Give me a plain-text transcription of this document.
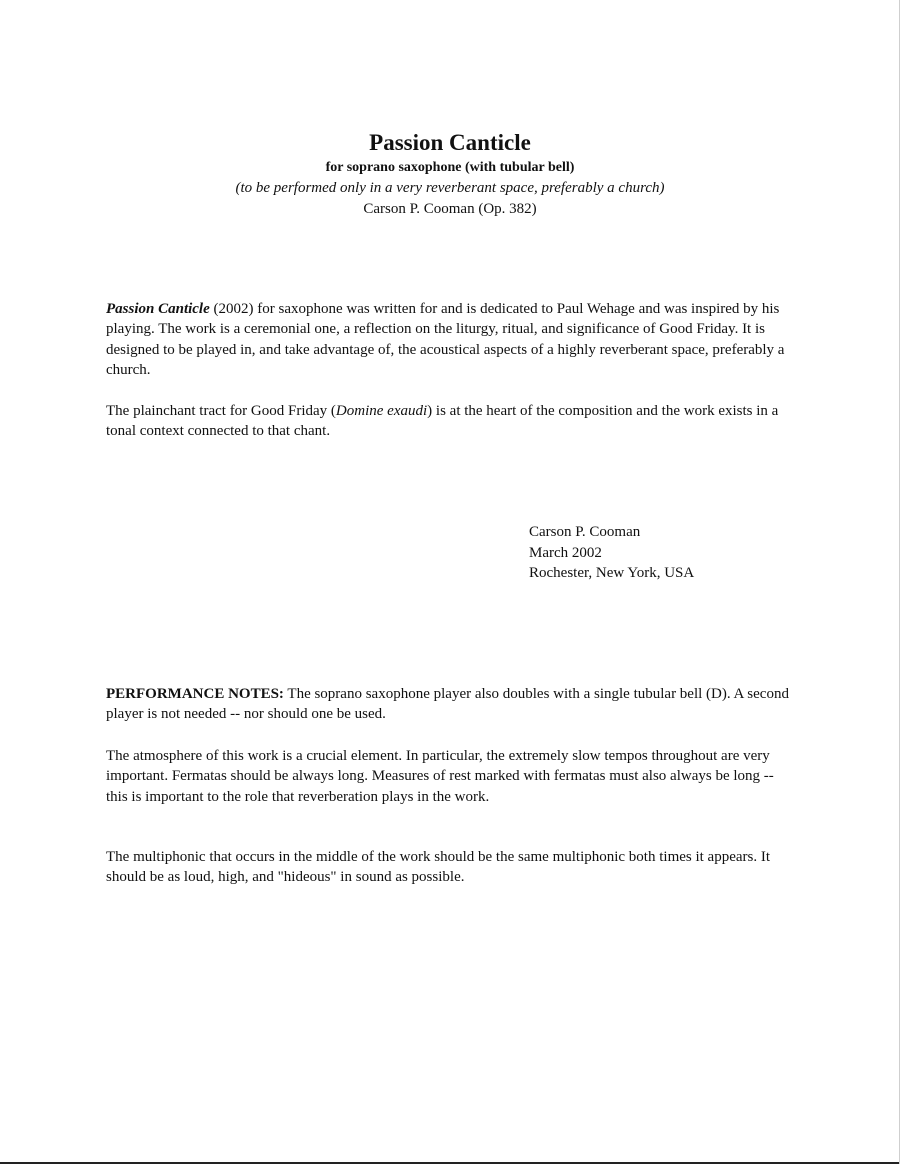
Passion Canticle
for soprano saxophone (with tubular bell)
(to be performed only in a very reverberant space, preferably a church)
Carson P. Cooman (Op. 382)

Passion Canticle (2002) for saxophone was written for and is dedicated to Paul Wehage and was inspired by his playing. The work is a ceremonial one, a reflection on the liturgy, ritual, and significance of Good Friday. It is designed to be played in, and take advantage of, the acoustical aspects of a highly reverberant space, preferably a church.

The plainchant tract for Good Friday (Domine exaudi) is at the heart of the composition and the work exists in a tonal context connected to that chant.

Carson P. Cooman
March 2002
Rochester, New York, USA

PERFORMANCE NOTES: The soprano saxophone player also doubles with a single tubular bell (D). A second player is not needed -- nor should one be used.

The atmosphere of this work is a crucial element. In particular, the extremely slow tempos throughout are very important. Fermatas should be always long. Measures of rest marked with fermatas must also always be long -- this is important to the role that reverberation plays in the work.

The multiphonic that occurs in the middle of the work should be the same multiphonic both times it appears. It should be as loud, high, and "hideous" in sound as possible.
